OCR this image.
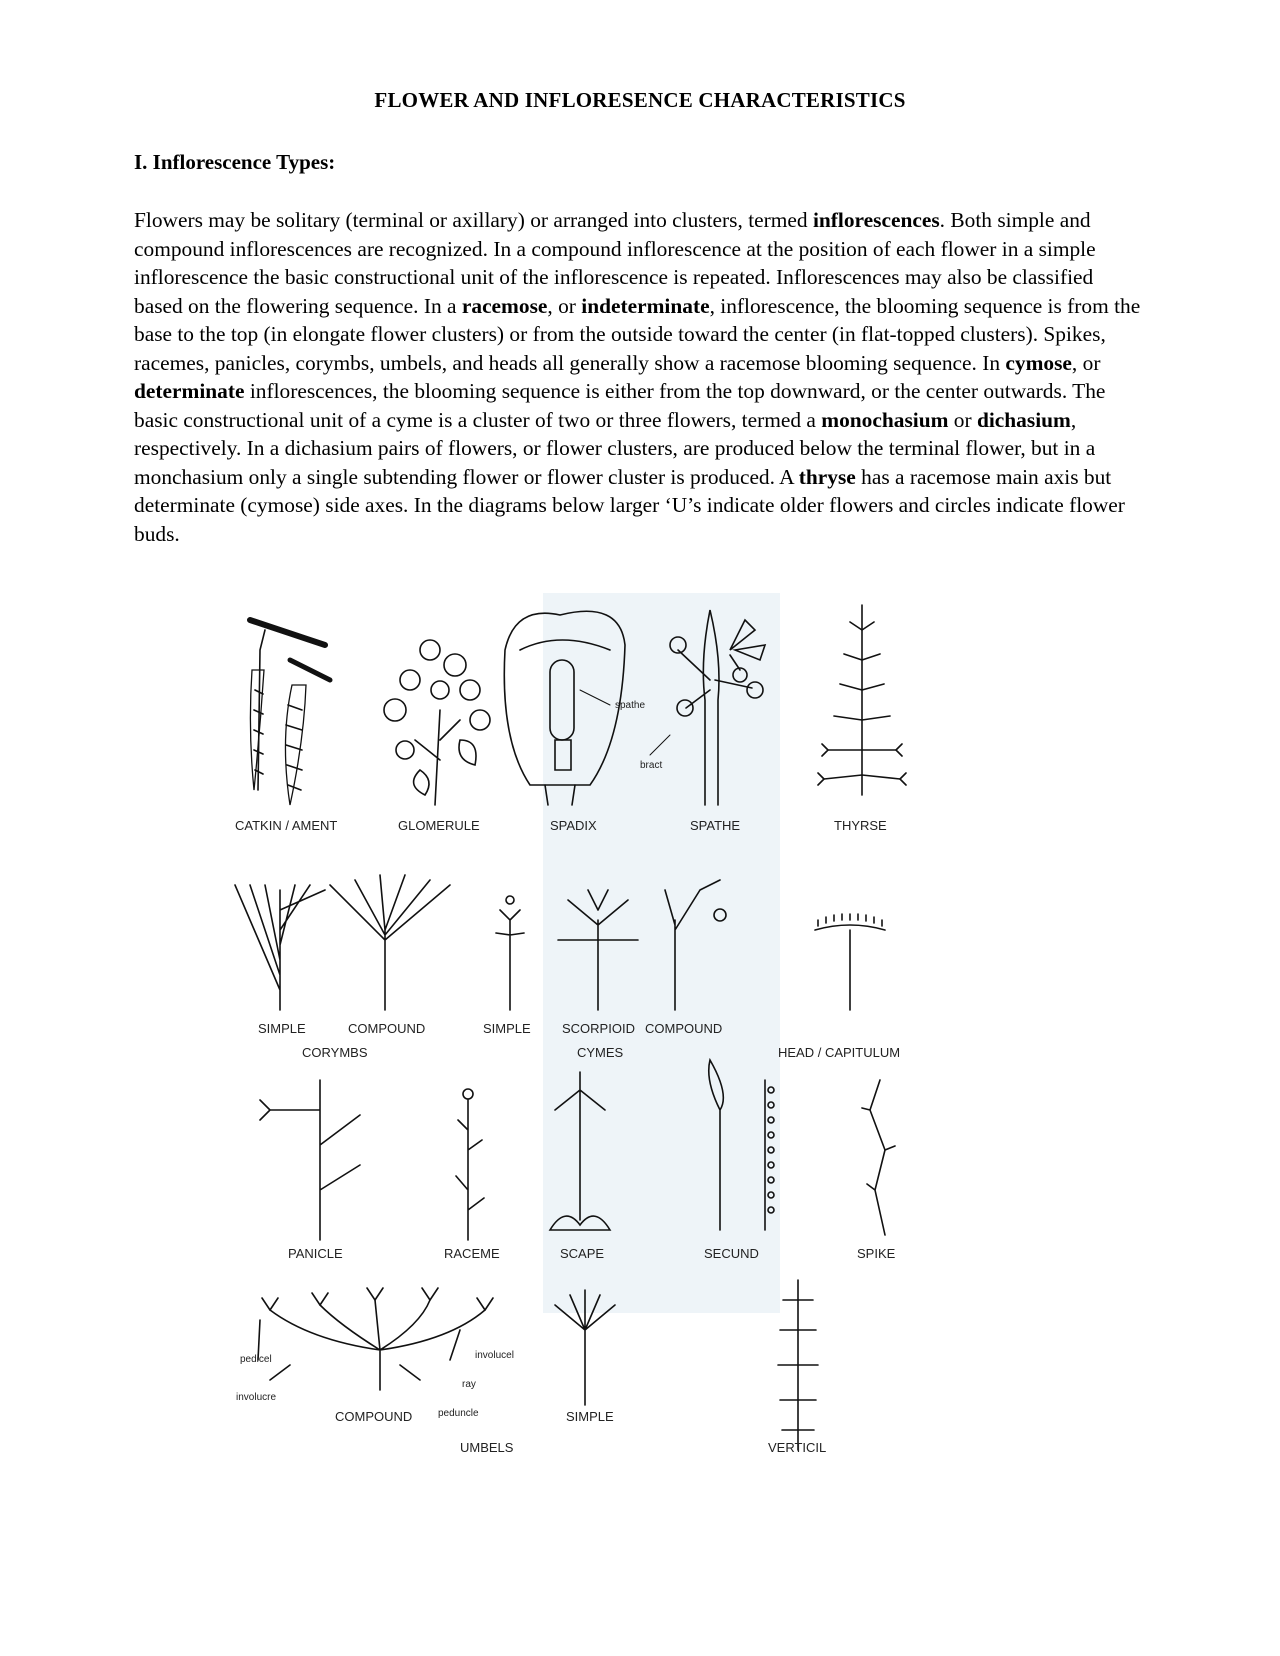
FLOWER AND INFLORESENCE CHARACTERISTICS
I. Inflorescence Types:
Flowers may be solitary (terminal or axillary) or arranged into clusters, termed inflorescences. Both simple and compound inflorescences are recognized. In a compound inflorescence at the position of each flower in a simple inflorescence the basic constructional unit of the inflorescence is repeated. Inflorescences may also be classified based on the flowering sequence. In a racemose, or indeterminate, inflorescence, the blooming sequence is from the base to the top (in elongate flower clusters) or from the outside toward the center (in flat-topped clusters). Spikes, racemes, panicles, corymbs, umbels, and heads all generally show a racemose blooming sequence. In cymose, or determinate inflorescences, the blooming sequence is either from the top downward, or the center outwards. The basic constructional unit of a cyme is a cluster of two or three flowers, termed a monochasium or dichasium, respectively. In a dichasium pairs of flowers, or flower clusters, are produced below the terminal flower, but in a monchasium only a single subtending flower or flower cluster is produced. A thryse has a racemose main axis but determinate (cymose) side axes. In the diagrams below larger ‘U’s indicate older flowers and circles indicate flower buds.
spathe
bract
CATKIN / AMENT	GLOMERULE	SPADIX	SPATHE	THYRSE
SIMPLE	COMPOUND	SIMPLE SCORPIOID COMPOUND
CORYMBS	CYMES	HEAD / CAPITULUM
PANICLE	RACEME	SCAPE	SECUND	SPIKE
pedicel	involucel
ray
involucre
peduncle
COMPOUND	SIMPLE
UMBELS	VERTICIL
